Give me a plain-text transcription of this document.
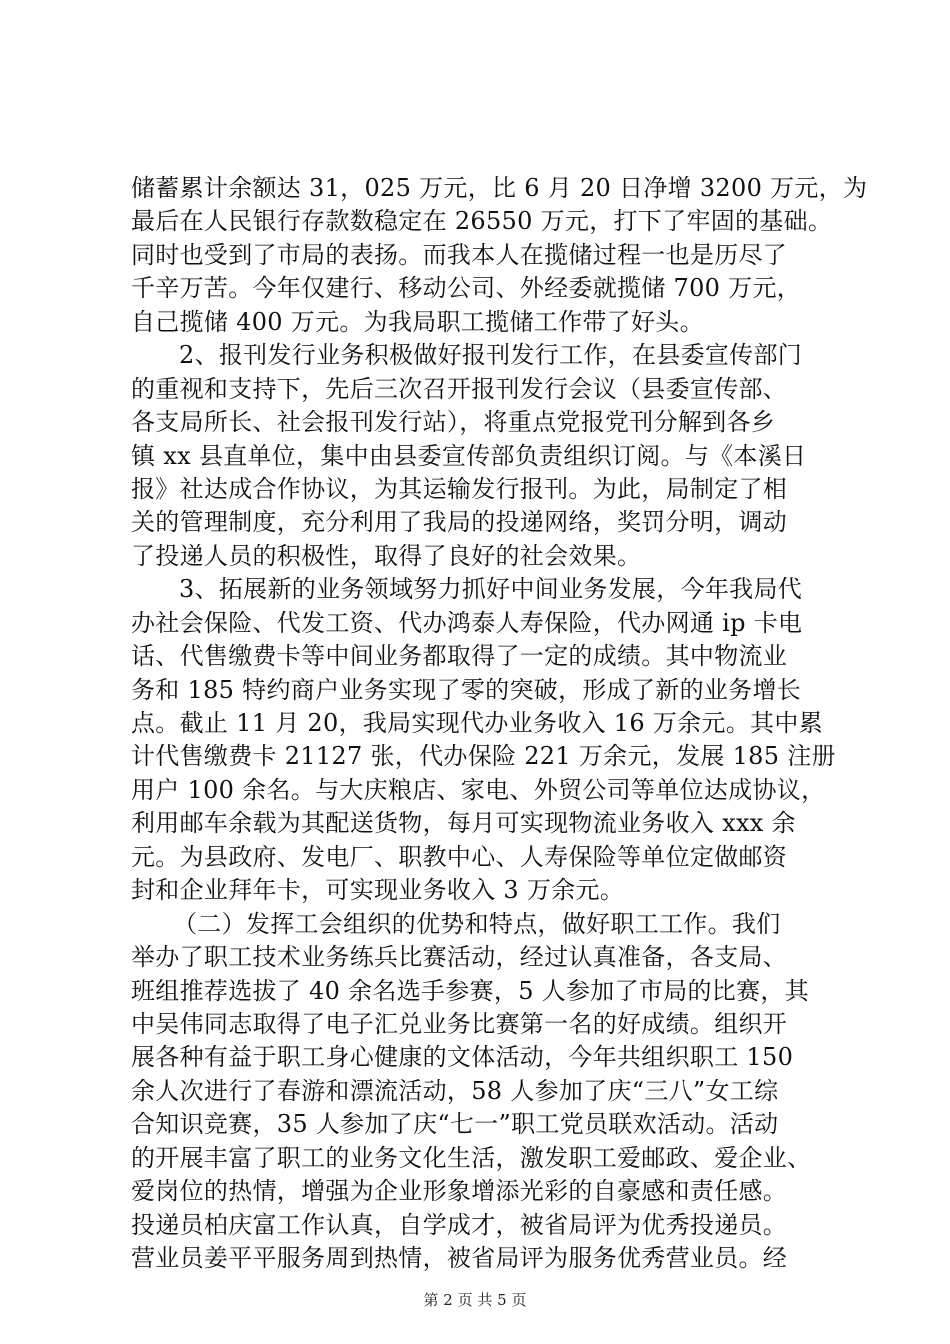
储蓄累计余额达 31，025 万元，比 6 月 20 日净增 3200 万元，为
最后在人民银行存款数稳定在 26550 万元，打下了牢固的基础。
同时也受到了市局的表扬。而我本人在揽储过程一也是历尽了
千辛万苦。今年仅建行、移动公司、外经委就揽储 700 万元，
自己揽储 400 万元。为我局职工揽储工作带了好头。
2、报刊发行业务积极做好报刊发行工作，在县委宣传部门
的重视和支持下，先后三次召开报刊发行会议（县委宣传部、
各支局所长、社会报刊发行站），将重点党报党刊分解到各乡
镇 xx 县直单位，集中由县委宣传部负责组织订阅。与《本溪日
报》社达成合作协议，为其运输发行报刊。为此，局制定了相
关的管理制度，充分利用了我局的投递网络，奖罚分明，调动
了投递人员的积极性，取得了良好的社会效果。
3、拓展新的业务领域努力抓好中间业务发展，今年我局代
办社会保险、代发工资、代办鸿泰人寿保险，代办网通 ip 卡电
话、代售缴费卡等中间业务都取得了一定的成绩。其中物流业
务和 185 特约商户业务实现了零的突破，形成了新的业务增长
点。截止 11 月 20，我局实现代办业务收入 16 万余元。其中累
计代售缴费卡 21127 张，代办保险 221 万余元，发展 185 注册
用户 100 余名。与大庆粮店、家电、外贸公司等单位达成协议，
利用邮车余载为其配送货物，每月可实现物流业务收入 xxx 余
元。为县政府、发电厂、职教中心、人寿保险等单位定做邮资
封和企业拜年卡，可实现业务收入 3 万余元。
（二）发挥工会组织的优势和特点，做好职工工作。我们
举办了职工技术业务练兵比赛活动，经过认真准备，各支局、
班组推荐选拔了 40 余名选手参赛，5 人参加了市局的比赛，其
中吴伟同志取得了电子汇兑业务比赛第一名的好成绩。组织开
展各种有益于职工身心健康的文体活动，今年共组织职工 150
余人次进行了春游和漂流活动，58 人参加了庆“三八”女工综
合知识竞赛，35 人参加了庆“七一”职工党员联欢活动。活动
的开展丰富了职工的业务文化生活，激发职工爱邮政、爱企业、
爱岗位的热情，增强为企业形象增添光彩的自豪感和责任感。
投递员柏庆富工作认真，自学成才，被省局评为优秀投递员。
营业员姜平平服务周到热情，被省局评为服务优秀营业员。经
第 2 页 共 5 页
